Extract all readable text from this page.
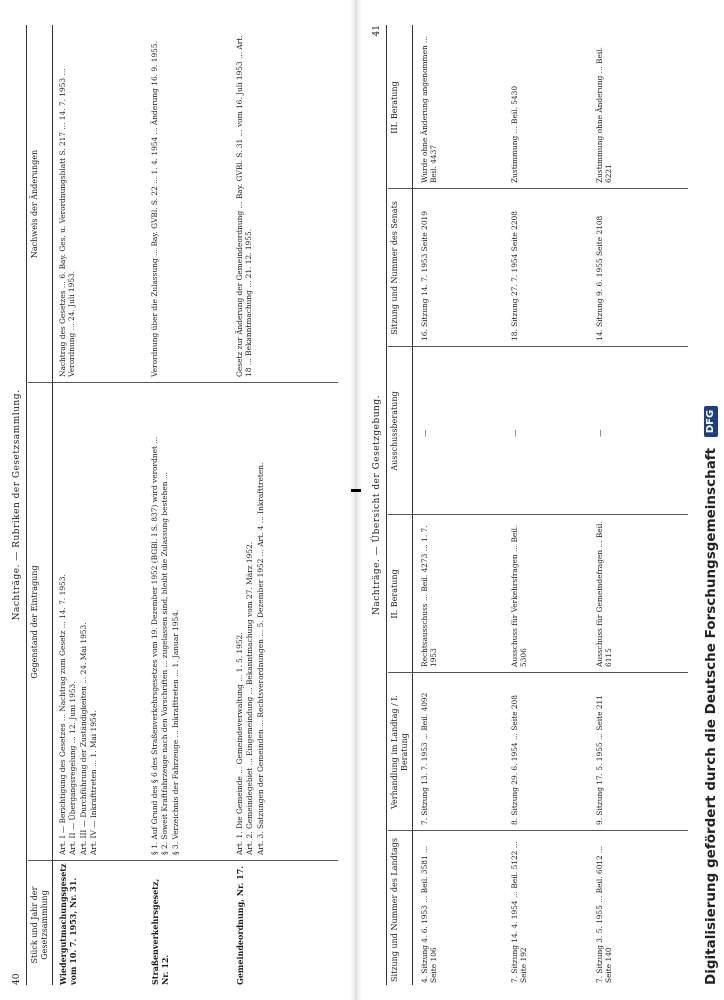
40
Nachträge. — Rubriken der Gesetzsammlung.
Stück und Jahr der Gesetzsammlung
Gegenstand der Eintragung
Nachweis der Änderungen
Wiedergutmachungsgesetz vom 10. 7. 1953, Nr. 31.

Art. I — Berichtigung des Gesetzes ... Nachtrag zum Gesetz ... 14. 7. 1953. Art. II — Übergangsregelung ... 12. Juni 1953. Art. III — Durchführung der Zuständigkeiten ... 24. Mai 1953. Art. IV — Inkrafttreten ... 1. Mai 1954.

Nachtrag des Gesetzes ... 6. Bay. Ges. u. Verordnungsblatt S. 217 ... 14. 7. 1953 ... Verordnung ... 24. Juli 1953.
Straßenverkehrsgesetz, Nr. 12.

§ 1. Auf Grund des § 6 des Straßenverkehrsgesetzes vom 19. Dezember 1952 (BGBl. I S. 837) wird verordnet ... § 2. Soweit Kraftfahrzeuge nach den Vorschriften ... zugelassen sind, bleibt die Zulassung bestehen ... § 3. Verzeichnis der Fahrzeuge ... Inkrafttreten ... 1. Januar 1954.

Verordnung über die Zulassung ... Bay. GVBl. S. 22 ... 1. 4. 1954 ... Änderung 16. 9. 1955.
Gemeindeordnung, Nr. 17.

Art. 1. Die Gemeinde ... Gemeindeverwaltung ... 1. 5. 1952. Art. 2. Gemeindegebiet ... Eingemeindung ... Bekanntmachung vom 27. März 1952. Art. 3. Satzungen der Gemeinden ... Rechtsverordnungen ... 5. Dezember 1952 ... Art. 4 ... Inkrafttreten.

Gesetz zur Änderung der Gemeindeordnung ... Bay. GVBl. S. 31 ... vom 16. Juli 1953 ... Art. 18 ... Bekanntmachung ... 21. 12. 1955.
Nachträge. — Übersicht der Gesetzgebung.
41
Sitzung und Nummer des Landtags
Verhandlung im Landtag / I. Beratung
II. Beratung
Ausschussberatung
Sitzung und Nummer des Senats
III. Beratung
4. Sitzung 4. 6. 1953 ... Beil. 3581 ... Seite 106
7. Sitzung 13. 7. 1953 ... Beil. 4092
Rechtsausschuss ... Beil. 4273 ... 1. 7. 1953
—
16. Sitzung 14. 7. 1953 Seite 2019
Wurde ohne Änderung angenommen ... Beil. 4437
7. Sitzung 14. 4. 1954 ... Beil. 5122 ... Seite 192
8. Sitzung 29. 6. 1954 ... Seite 208
Ausschuss für Verkehrsfragen ... Beil. 5306
—
18. Sitzung 27. 7. 1954 Seite 2208
Zustimmung ... Beil. 5430
7. Sitzung 3. 5. 1955 ... Beil. 6012 ... Seite 140
9. Sitzung 17. 5. 1955 ... Seite 211
Ausschuss für Gemeindefragen ... Beil. 6115
—
14. Sitzung 9. 6. 1955 Seite 2108
Zustimmung ohne Änderung ... Beil. 6221
Digitalisierung gefördert durch die Deutsche Forschungsgemeinschaft DFG
